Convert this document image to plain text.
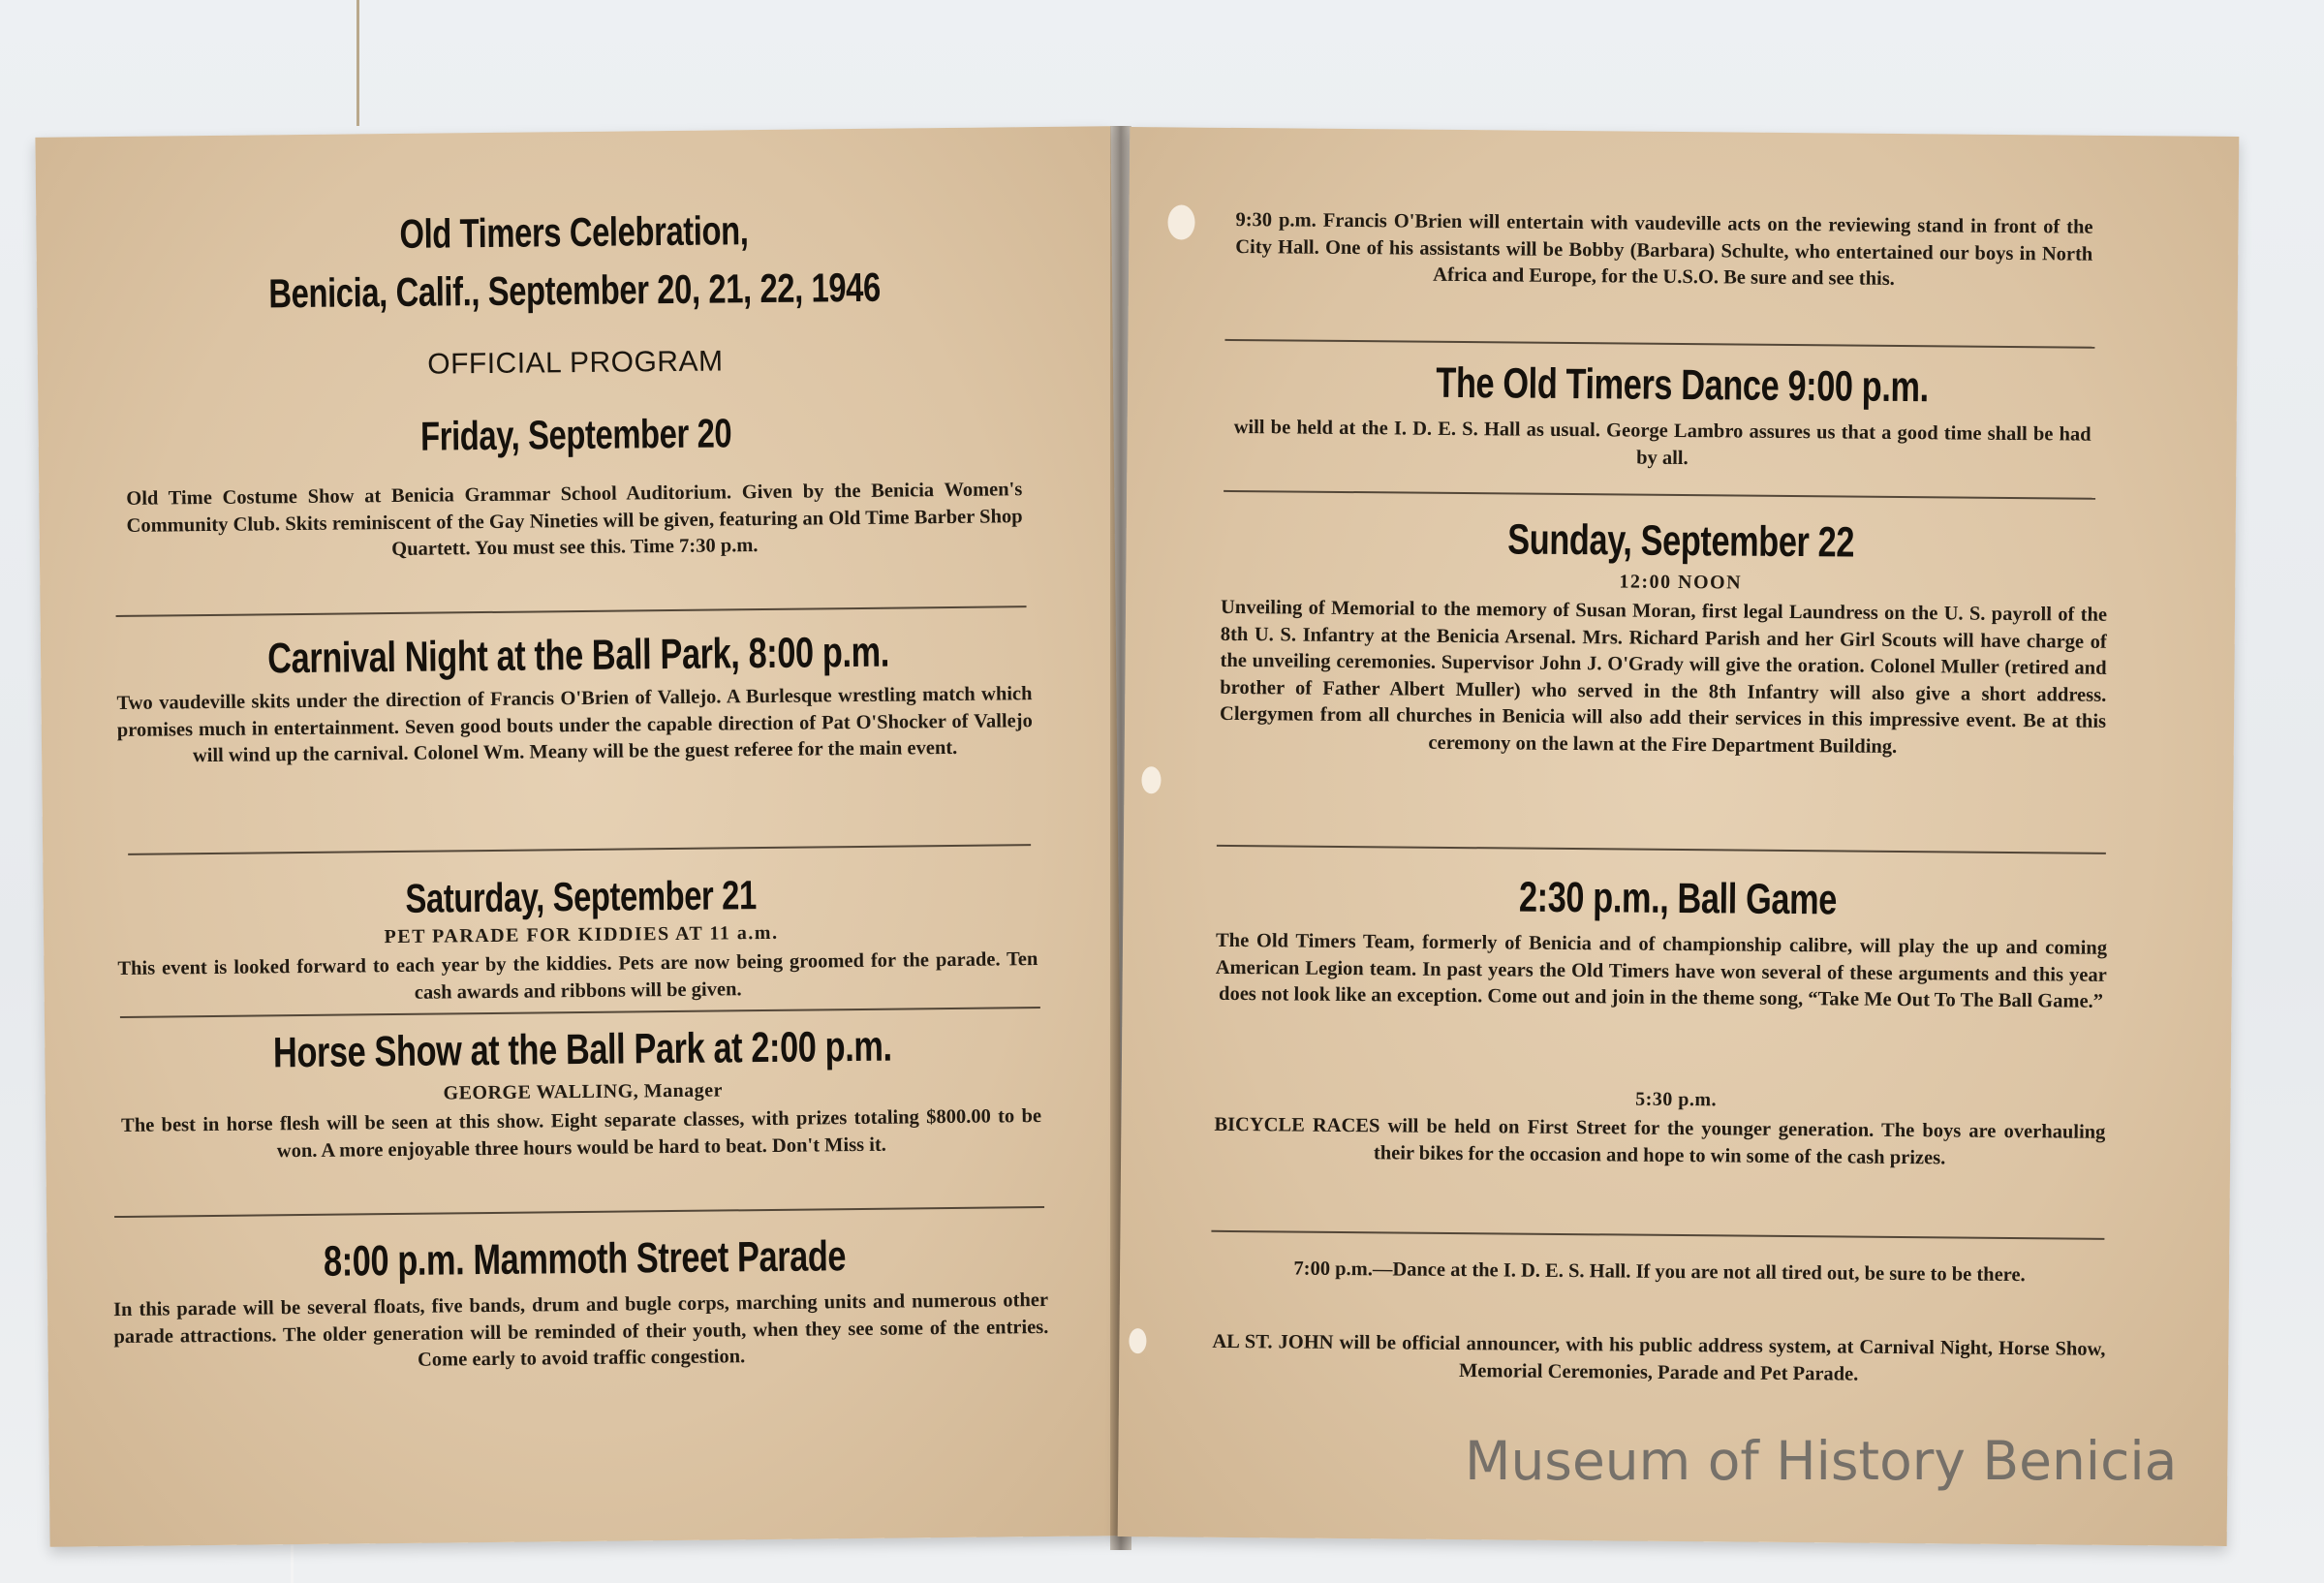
Old Timers Celebration,
Benicia, Calif., September 20, 21, 22, 1946
OFFICIAL PROGRAM
Friday, September 20
Old Time Costume Show at Benicia Grammar School Auditorium. Given by the Benicia Women's Community Club. Skits reminiscent of the Gay Nineties will be given, featuring an Old Time Barber Shop Quartett. You must see this. Time 7:30 p.m.
Carnival Night at the Ball Park, 8:00 p.m.
Two vaudeville skits under the direction of Francis O'Brien of Vallejo. A Burlesque wrestling match which promises much in entertainment. Seven good bouts under the capable direction of Pat O'Shocker of Vallejo will wind up the carnival. Colonel Wm. Meany will be the guest referee for the main event.
Saturday, September 21
PET PARADE FOR KIDDIES AT 11 a.m.
This event is looked forward to each year by the kiddies. Pets are now being groomed for the parade. Ten cash awards and ribbons will be given.
Horse Show at the Ball Park at 2:00 p.m.
GEORGE WALLING, Manager
The best in horse flesh will be seen at this show. Eight separate classes, with prizes totaling $800.00 to be won. A more enjoyable three hours would be hard to beat. Don't Miss it.
8:00 p.m. Mammoth Street Parade
In this parade will be several floats, five bands, drum and bugle corps, marching units and numerous other parade attractions. The older generation will be reminded of their youth, when they see some of the entries. Come early to avoid traffic congestion.
9:30 p.m. Francis O'Brien will entertain with vaudeville acts on the reviewing stand in front of the City Hall. One of his assistants will be Bobby (Barbara) Schulte, who entertained our boys in North Africa and Europe, for the U.S.O. Be sure and see this.
The Old Timers Dance 9:00 p.m.
will be held at the I. D. E. S. Hall as usual. George Lambro assures us that a good time shall be had by all.
Sunday, September 22
12:00 NOON
Unveiling of Memorial to the memory of Susan Moran, first legal Laundress on the U. S. payroll of the 8th U. S. Infantry at the Benicia Arsenal. Mrs. Richard Parish and her Girl Scouts will have charge of the unveiling ceremonies. Supervisor John J. O'Grady will give the oration. Colonel Muller (retired and brother of Father Albert Muller) who served in the 8th Infantry will also give a short address. Clergymen from all churches in Benicia will also add their services in this impressive event. Be at this ceremony on the lawn at the Fire Department Building.
2:30 p.m., Ball Game
The Old Timers Team, formerly of Benicia and of championship calibre, will play the up and coming American Legion team. In past years the Old Timers have won several of these arguments and this year does not look like an exception. Come out and join in the theme song, “Take Me Out To The Ball Game.”
5:30 p.m.
BICYCLE RACES will be held on First Street for the younger generation. The boys are overhauling their bikes for the occasion and hope to win some of the cash prizes.
7:00 p.m.—Dance at the I. D. E. S. Hall. If you are not all tired out, be sure to be there.
AL ST. JOHN will be official announcer, with his public address system, at Carnival Night, Horse Show, Memorial Ceremonies, Parade and Pet Parade.
Museum of History Benicia
